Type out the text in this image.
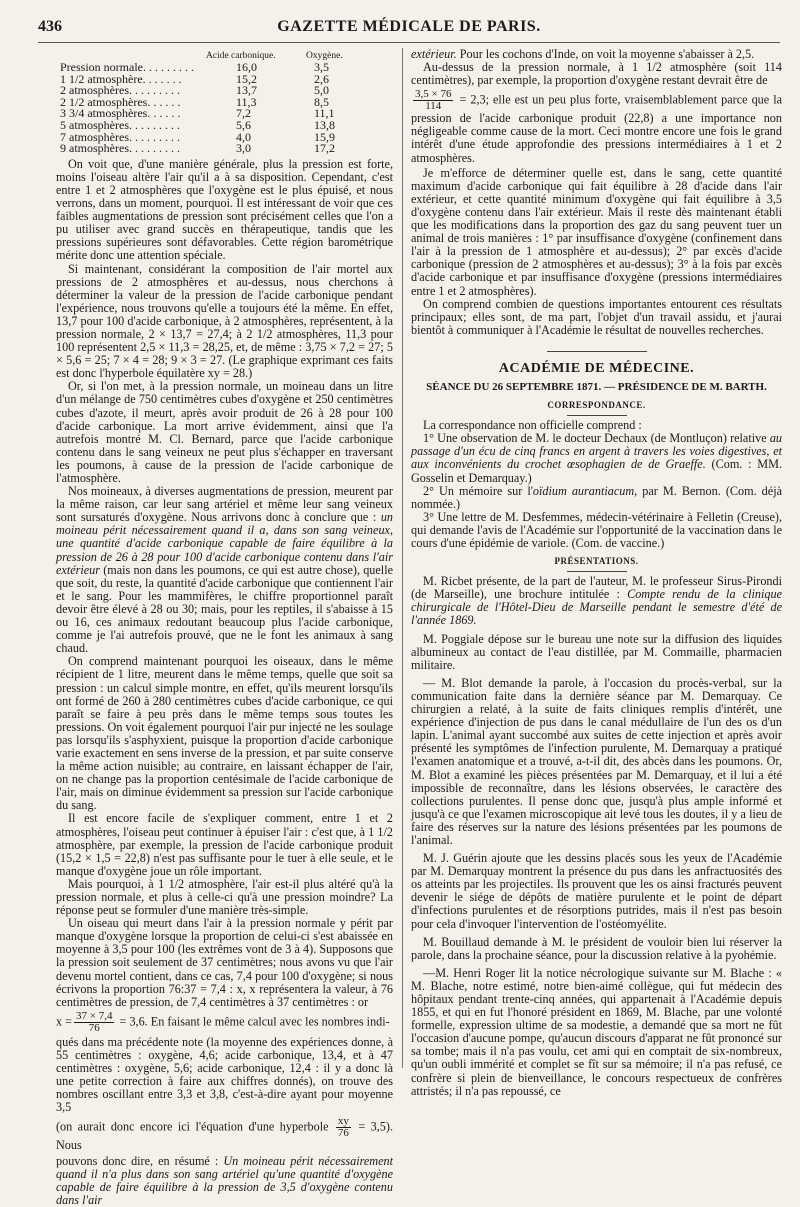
436	GAZETTE MÉDICALE DE PARIS.
Acide carbonique.	Oxygène.
Pression normale. . . . . . . . .	16,0	3,5
1 1/2 atmosphère. . . . . . .	15,2	2,6
2 atmosphères. . . . . . . . .	13,7	5,0
2 1/2 atmosphères. . . . . .	11,3	8,5
3 3/4 atmosphères. . . . . .	7,2	11,1
5 atmosphères. . . . . . . . .	5,6	13,8
7 atmosphères. . . . . . . . .	4,0	15,9
9 atmosphères. . . . . . . . .	3,0	17,2

On voit que, d'une manière générale, plus la pression est forte, moins l'oiseau altère l'air qu'il a à sa disposition. Cependant, c'est entre 1 et 2 atmosphères que l'oxygène est le plus épuisé, et nous verrons, dans un moment, pourquoi. Il est intéressant de voir que ces faibles augmentations de pression sont précisément celles que l'on a pu utiliser avec grand succès en thérapeutique, tandis que les pressions supérieures sont défavorables. Cette région barométrique mérite donc une attention spéciale.

Si maintenant, considérant la composition de l'air mortel aux pressions de 2 atmosphères et au-dessus, nous cherchons à déterminer la valeur de la pression de l'acide carbonique pendant l'expérience, nous trouvons qu'elle a toujours été la même. En effet, 13,7 pour 100 d'acide carbonique, à 2 atmosphères, représentent, à la pression normale, 2 × 13,7 = 27,4; à 2 1/2 atmosphères, 11,3 pour 100 représentent 2,5 × 11,3 = 28,25, et, de même : 3,75 × 7,2 = 27; 5 × 5,6 = 25; 7 × 4 = 28; 9 × 3 = 27. (Le graphique exprimant ces faits est donc l'hyperbole équilatère xy = 28.)

Or, si l'on met, à la pression normale, un moineau dans un litre d'un mélange de 750 centimètres cubes d'oxygène et 250 centimètres cubes d'azote, il meurt, après avoir produit de 26 à 28 pour 100 d'acide carbonique. La mort arrive évidemment, ainsi que l'a autrefois montré M. Cl. Bernard, parce que l'acide carbonique contenu dans le sang veineux ne peut plus s'échapper en traversant les poumons, à cause de la pression de l'acide carbonique de l'atmosphère.

Nos moineaux, à diverses augmentations de pression, meurent par la même raison, car leur sang artériel et même leur sang veineux sont sursaturés d'oxygène. Nous arrivons donc à conclure que : un moineau périt nécessairement quand il a, dans son sang veineux, une quantité d'acide carbonique capable de faire équilibre à la pression de 26 à 28 pour 100 d'acide carbonique contenu dans l'air extérieur (mais non dans les poumons, ce qui est autre chose), quelle que soit, du reste, la quantité d'acide carbonique que contiennent l'air et le sang. Pour les mammifères, le chiffre proportionnel paraît devoir être élevé à 28 ou 30; mais, pour les reptiles, il s'abaisse à 15 ou 16, ces animaux redoutant beaucoup plus l'acide carbonique, comme je l'ai autrefois prouvé, que ne le font les animaux à sang chaud.

On comprend maintenant pourquoi les oiseaux, dans le même récipient de 1 litre, meurent dans le même temps, quelle que soit sa pression : un calcul simple montre, en effet, qu'ils meurent lorsqu'ils ont formé de 260 à 280 centimètres cubes d'acide carbonique, ce qui paraît se faire à peu près dans le même temps sous toutes les pressions. On voit également pourquoi l'air pur injecté ne les soulage pas lorsqu'ils s'asphyxient, puisque la proportion d'acide carbonique varie exactement en sens inverse de la pression, et par suite conserve la même action nuisible; au contraire, en laissant échapper de l'air, on ne change pas la proportion centésimale de l'acide carbonique de l'air, mais on diminue évidemment sa pression sur l'acide carbonique du sang.

Il est encore facile de s'expliquer comment, entre 1 et 2 atmosphères, l'oiseau peut continuer à épuiser l'air : c'est que, à 1 1/2 atmosphère, par exemple, la pression de l'acide carbonique produit (15,2 × 1,5 = 22,8) n'est pas suffisante pour le tuer à elle seule, et le manque d'oxygène joue un rôle important.

Mais pourquoi, à 1 1/2 atmosphère, l'air est-il plus altéré qu'à la pression normale, et plus à celle-ci qu'à une pression moindre? La réponse peut se formuler d'une manière très-simple.

Un oiseau qui meurt dans l'air à la pression normale y périt par manque d'oxygène lorsque la proportion de celui-ci s'est abaissée en moyenne à 3,5 pour 100 (les extrêmes vont de 3 à 4). Supposons que la pression soit seulement de 37 centimètres; nous avons vu que l'air devenu mortel contient, dans ce cas, 7,4 pour 100 d'oxygène; si nous écrivons la proportion 76:37 = 7,4 : x, x représentera la valeur, à 76 centimètres de pression, de 7,4 centimètres à 37 centimètres : or

$x = \frac{37 \times 7,4}{76} = 3,6$. En faisant le même calcul avec les nombres indi-

qués dans ma précédente note (la moyenne des expériences donne, à 55 centimètres : oxygène, 4,6; acide carbonique, 13,4, et à 47 centimètres : oxygène, 5,6; acide carbonique, 12,4 : il y a donc là une petite correction à faire aux chiffres donnés), on trouve des nombres oscillant entre 3,3 et 3,8, c'est-à-dire ayant pour moyenne 3,5

(on aurait donc encore ici l'équation d'une hyperbole $\frac{xy}{76} = 3,5$). Nous

pouvons donc dire, en résumé : Un moineau périt nécessairement quand il n'a plus dans son sang artériel qu'une quantité d'oxygène capable de faire équilibre à la pression de 3,5 d'oxygène contenu dans l'air

extérieur. Pour les cochons d'Inde, on voit la moyenne s'abaisser à 2,5.

Au-dessus de la pression normale, à 1 1/2 atmosphère (soit 114 centimètres), par exemple, la proportion d'oxygène restant devrait être de

$\frac{3,5 \times 76}{114} = 2,3$; elle est un peu plus forte, vraisemblablement parce que la pression de l'acide carbonique produit (22,8) a une importance non négligeable comme cause de la mort. Ceci montre encore une fois le grand intérêt d'une étude approfondie des pressions intermédiaires à 1 et 2 atmosphères.

Je m'efforce de déterminer quelle est, dans le sang, cette quantité maximum d'acide carbonique qui fait équilibre à 28 d'acide dans l'air extérieur, et cette quantité minimum d'oxygène qui fait équilibre à 3,5 d'oxygène contenu dans l'air extérieur. Mais il reste dès maintenant établi que les modifications dans la proportion des gaz du sang peuvent tuer un animal de trois manières : 1° par insuffisance d'oxygène (confinement dans l'air à la pression de 1 atmosphère et au-dessus); 2° par excès d'acide carbonique (pression de 2 atmosphères et au-dessus); 3° à la fois par excès d'acide carbonique et par insuffisance d'oxygène (pressions intermédiaires entre 1 et 2 atmosphères).

On comprend combien de questions importantes entourent ces résultats principaux; elles sont, de ma part, l'objet d'un travail assidu, et j'aurai bientôt à communiquer à l'Académie le résultat de nouvelles recherches.

ACADÉMIE DE MÉDECINE.
SÉANCE DU 26 SEPTEMBRE 1871. — PRÉSIDENCE DE M. BARTH.
CORRESPONDANCE.

La correspondance non officielle comprend :

1° Une observation de M. le docteur Dechaux (de Montluçon) relative au passage d'un écu de cinq francs en argent à travers les voies digestives, et aux inconvénients du crochet œsophagien de de Graeffe. (Com. : MM. Gosselin et Demarquay.)

2° Un mémoire sur l'oïdium aurantiacum, par M. Bernon. (Com. déjà nommée.)

3° Une lettre de M. Desfemmes, médecin-vétérinaire à Felletin (Creuse), qui demande l'avis de l'Académie sur l'opportunité de la vaccination dans le cours d'une épidémie de variole. (Com. de vaccine.)

PRÉSENTATIONS.

M. Ricbet présente, de la part de l'auteur, M. le professeur Sirus-Pirondi (de Marseille), une brochure intitulée : Compte rendu de la clinique chirurgicale de l'Hôtel-Dieu de Marseille pendant le semestre d'été de l'année 1869.

M. Poggiale dépose sur le bureau une note sur la diffusion des liquides albumineux au contact de l'eau distillée, par M. Commaille, pharmacien militaire.

— M. Blot demande la parole, à l'occasion du procès-verbal, sur la communication faite dans la dernière séance par M. Demarquay. Ce chirurgien a relaté, à la suite de faits cliniques remplis d'intérêt, une expérience d'injection de pus dans le canal médullaire de l'un des os d'un lapin. L'animal ayant succombé aux suites de cette injection et après avoir présenté les symptômes de l'infection purulente, M. Demarquay a pratiqué l'examen anatomique et a trouvé, a-t-il dit, des abcès dans les poumons. Or, M. Blot a examiné les pièces présentées par M. Demarquay, et il lui a été impossible de reconnaître, dans les lésions observées, le caractère des collections purulentes. Il pense donc que, jusqu'à plus ample informé et jusqu'à ce que l'examen microscopique ait levé tous les doutes, il y a lieu de faire des réserves sur la nature des lésions présentées par les poumons de l'animal.

M. J. Guérin ajoute que les dessins placés sous les yeux de l'Académie par M. Demarquay montrent la présence du pus dans les anfractuosités des os atteints par les projectiles. Ils prouvent que les os ainsi fracturés peuvent devenir le siége de dépôts de matière purulente et le point de départ d'infections purulentes et de résorptions putrides, mais il n'est pas besoin pour cela d'invoquer l'intervention de l'ostéomyélite.

M. Bouillaud demande à M. le président de vouloir bien lui réserver la parole, dans la prochaine séance, pour la discussion relative à la pyohémie.

—M. Henri Roger lit la notice nécrologique suivante sur M. Blache : « M. Blache, notre estimé, notre bien-aimé collègue, qui fut médecin des hôpitaux pendant trente-cinq années, qui appartenait à l'Académie depuis 1855, et qui en fut l'honoré président en 1869, M. Blache, par une volonté formelle, expression ultime de sa modestie, a demandé que sa mort ne fût l'occasion d'aucune pompe, qu'aucun discours d'apparat ne fût prononcé sur sa tombe; mais il n'a pas voulu, cet ami qui en comptait de six-nombreux, qu'un oubli immérité et complet se fît sur sa mémoire; il n'a pas refusé, ce confrère si plein de bienveillance, le concours respectueux de confrères attristés; il n'a pas repoussé, ce
